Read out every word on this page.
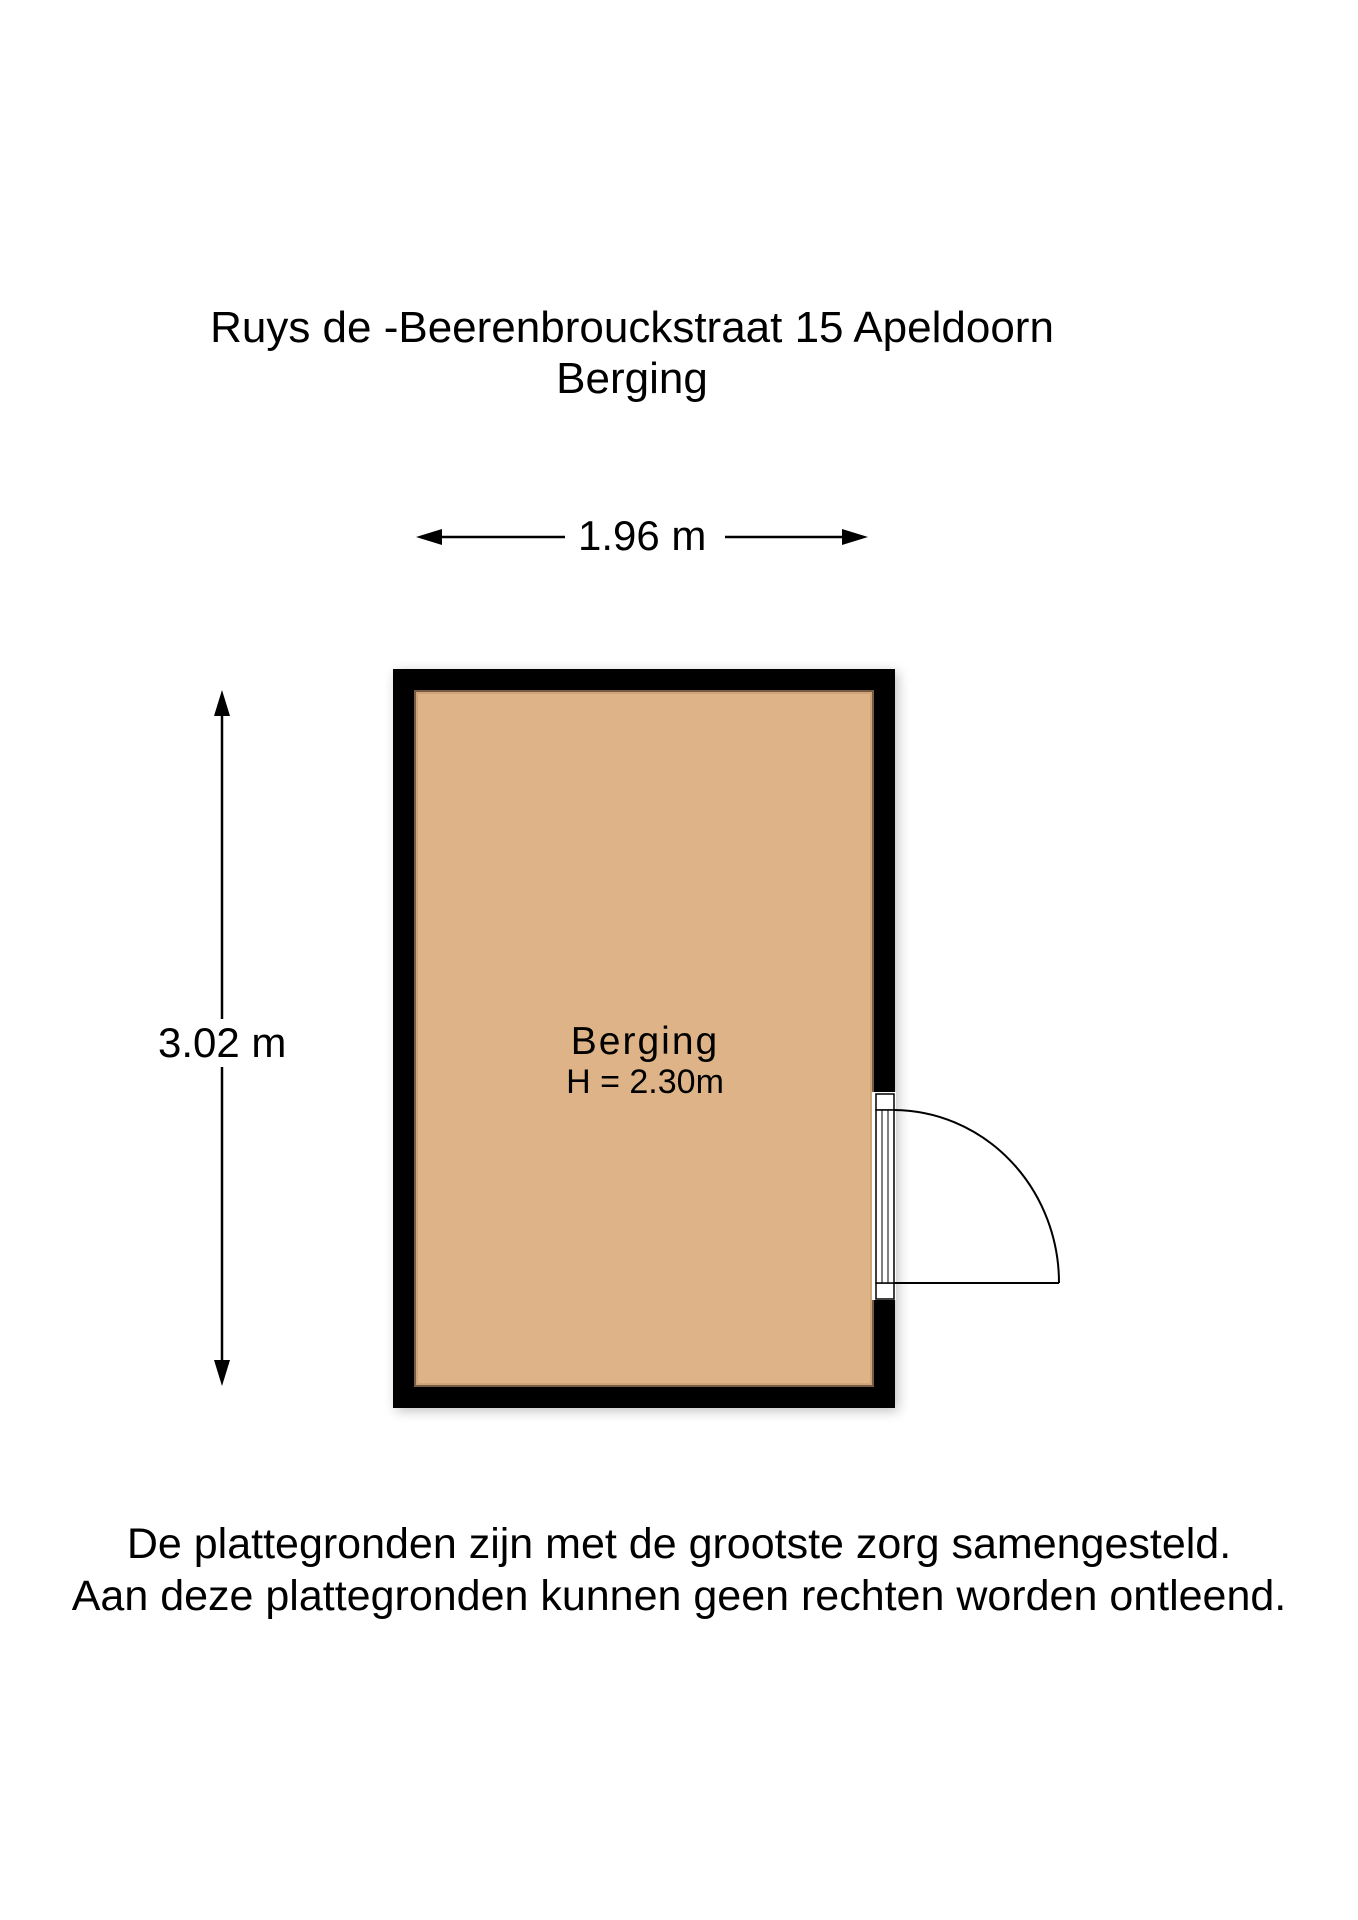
Ruys de -Beerenbrouckstraat 15 Apeldoorn
Berging
1.96 m
3.02 m	Berging
H = 2.30m
De plattegronden zijn met de grootste zorg samengesteld.
Aan deze plattegronden kunnen geen rechten worden ontleend.
